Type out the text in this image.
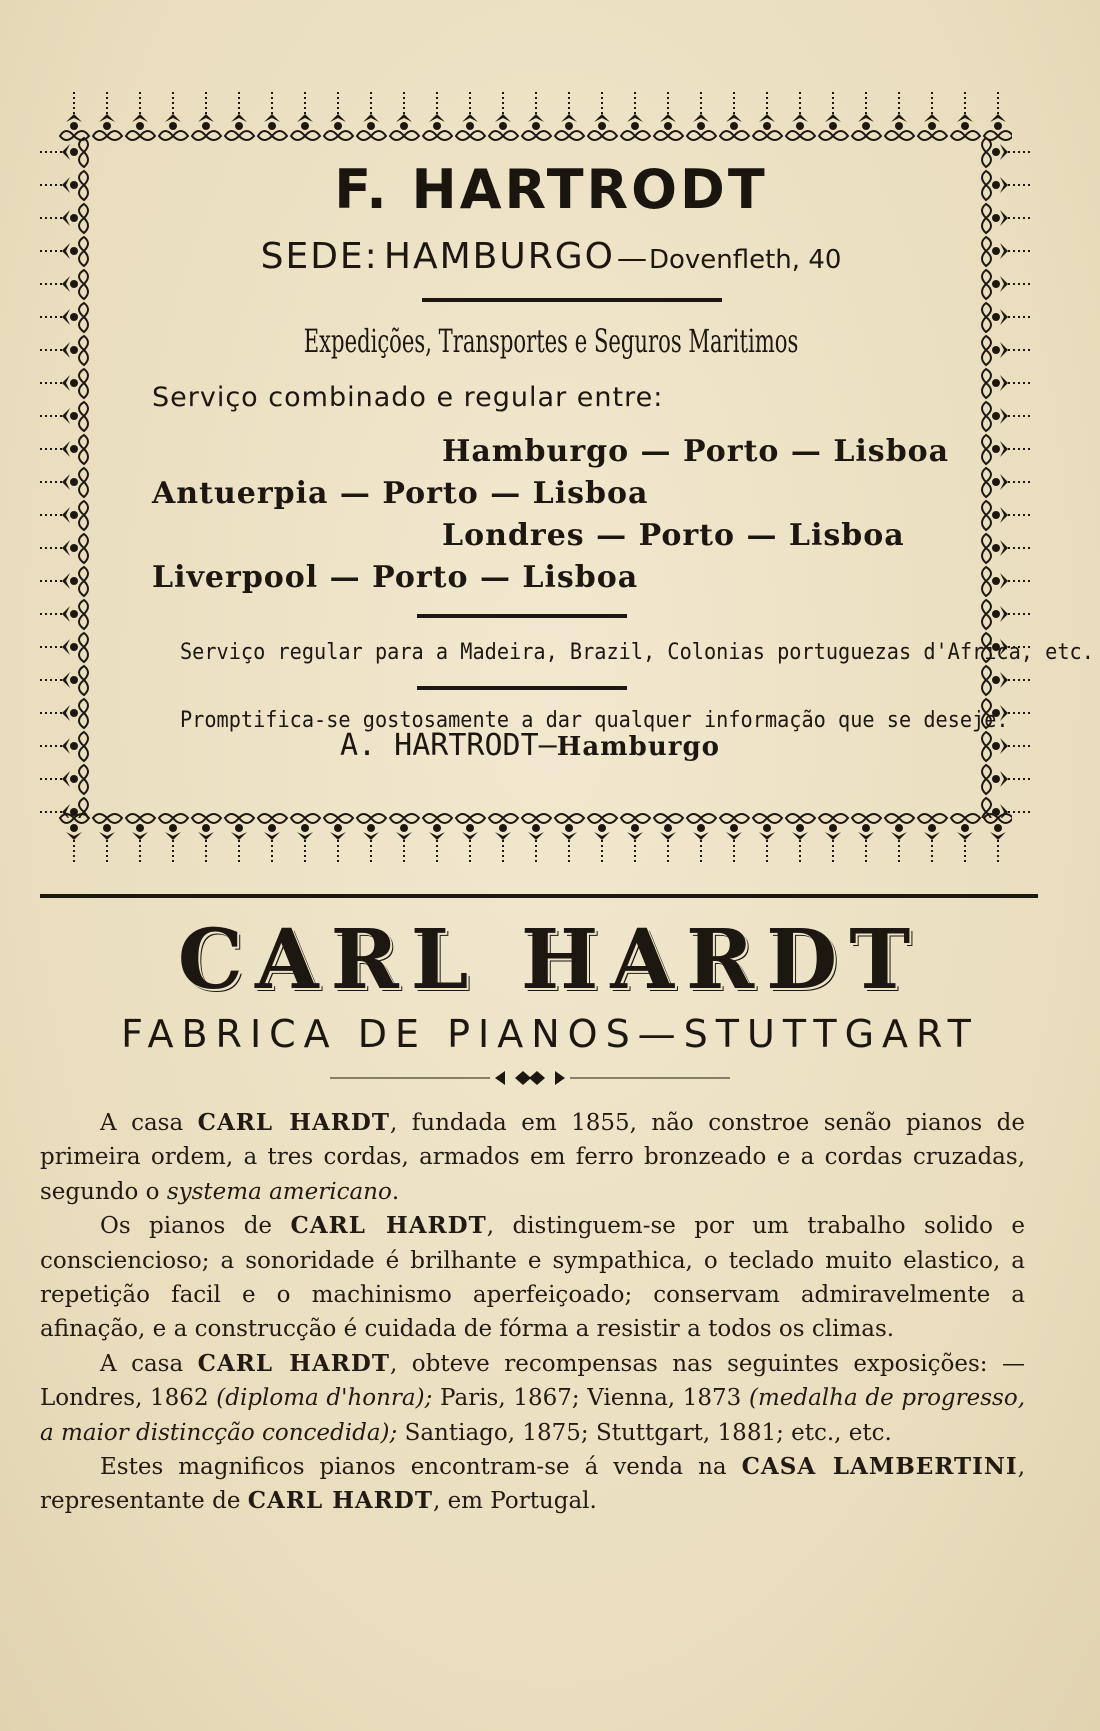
F. HARTRODT
SEDE: HAMBURGO—Dovenfleth, 40
Expedições, Transportes e Seguros Maritimos
Serviço combinado e regular entre:
Hamburgo — Porto — Lisboa
Antuerpia — Porto — Lisboa
Londres — Porto — Lisboa
Liverpool — Porto — Lisboa
Serviço regular para a Madeira, Brazil, Colonias portuguezas d'Africa, etc.
Promptifica-se gostosamente a dar qualquer informação que se deseje.
A. HARTRODT—Hamburgo
CARL HARDT
FABRICA DE PIANOS—STUTTGART

A casa CARL HARDT, fundada em 1855, não constroe senão pianos de primeira ordem, a tres cordas, armados em ferro bronzeado e a cordas cruzadas, segundo o systema americano.

Os pianos de CARL HARDT, distinguem-se por um trabalho solido e consciencioso; a sonoridade é brilhante e sympathica, o teclado muito elastico, a repetição facil e o machinismo aperfeiçoado; conservam admiravelmente a afinação, e a construcção é cuidada de fórma a resistir a todos os climas.

A casa CARL HARDT, obteve recompensas nas seguintes exposições: —Londres, 1862 (diploma d'honra); Paris, 1867; Vienna, 1873 (medalha de progresso, a maior distincção concedida); Santiago, 1875; Stuttgart, 1881; etc., etc.

Estes magnificos pianos encontram-se á venda na CASA LAMBERTINI, representante de CARL HARDT, em Portugal.
